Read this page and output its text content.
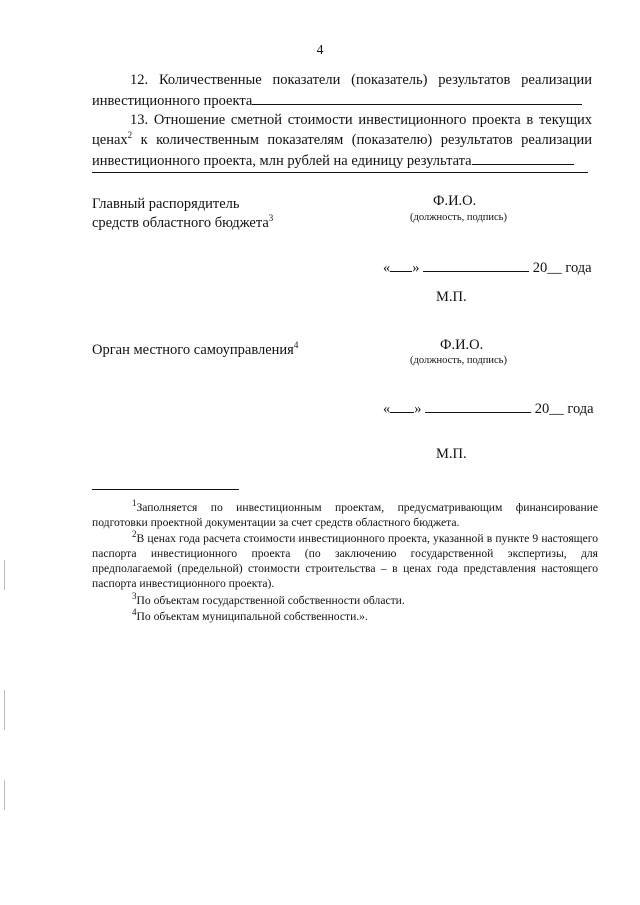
4
12. Количественные показатели (показатель) результатов реализации
инвестиционного проекта
13. Отношение сметной стоимости инвестиционного проекта в текущих
ценах$^2$ к количественным показателям (показателю) результатов реализации
инвестиционного проекта, млн рублей на единицу результата
Главный распорядитель
средств областного бюджета$^3$
Ф.И.О.
(должность, подпись)
« »	20__ года
М.П.
Орган местного самоуправления$^4$	Ф.И.О.
(должность, подпись)
« »	20__ года
М.П.
$^1$Заполняется по инвестиционным проектам, предусматривающим финансирование подготовки проектной документации за счет средств областного бюджета.
$^2$В ценах года расчета стоимости инвестиционного проекта, указанной в пункте 9 настоящего паспорта инвестиционного проекта (по заключению государственной экспертизы, для предполагаемой (предельной) стоимости строительства – в ценах года представления настоящего паспорта инвестиционного проекта).
$^3$По объектам государственной собственности области.
$^4$По объектам муниципальной собственности.».
